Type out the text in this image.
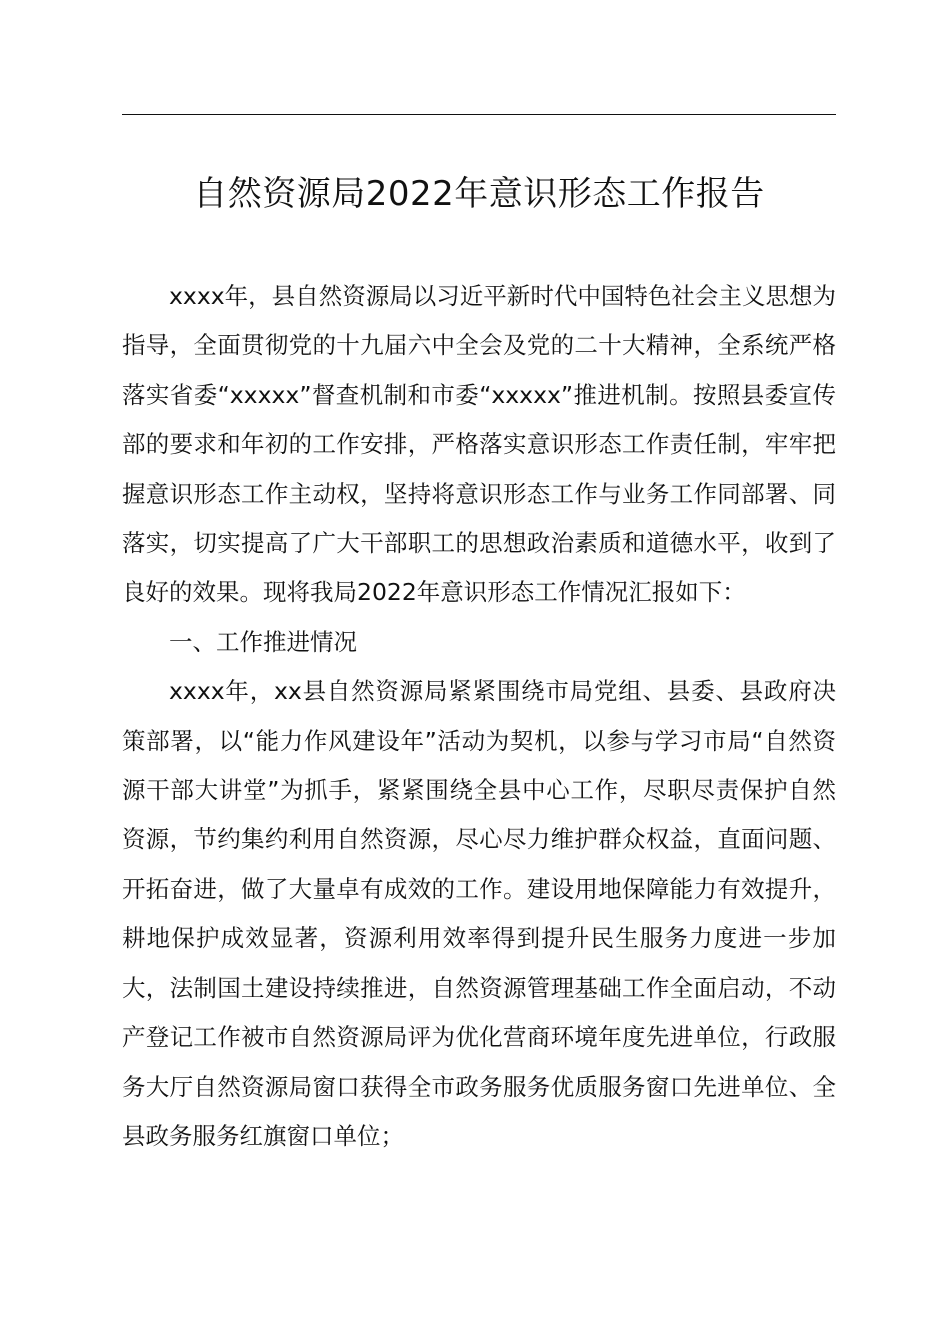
自然资源局2022年意识形态工作报告

xxxx年，县自然资源局以习近平新时代中国特色社会主义思想为指导，全面贯彻党的十九届六中全会及党的二十大精神，全系统严格落实省委“xxxxx”督查机制和市委“xxxxx”推进机制。按照县委宣传部的要求和年初的工作安排，严格落实意识形态工作责任制，牢牢把握意识形态工作主动权，坚持将意识形态工作与业务工作同部署、同落实，切实提高了广大干部职工的思想政治素质和道德水平，收到了良好的效果。现将我局2022年意识形态工作情况汇报如下：

一、工作推进情况

xxxx年，xx县自然资源局紧紧围绕市局党组、县委、县政府决策部署，以“能力作风建设年”活动为契机，以参与学习市局“自然资源干部大讲堂”为抓手，紧紧围绕全县中心工作，尽职尽责保护自然资源，节约集约利用自然资源，尽心尽力维护群众权益，直面问题、开拓奋进，做了大量卓有成效的工作。建设用地保障能力有效提升，耕地保护成效显著，资源利用效率得到提升民生服务力度进一步加大，法制国土建设持续推进，自然资源管理基础工作全面启动，不动产登记工作被市自然资源局评为优化营商环境年度先进单位，行政服务大厅自然资源局窗口获得全市政务服务优质服务窗口先进单位、全县政务服务红旗窗口单位；
